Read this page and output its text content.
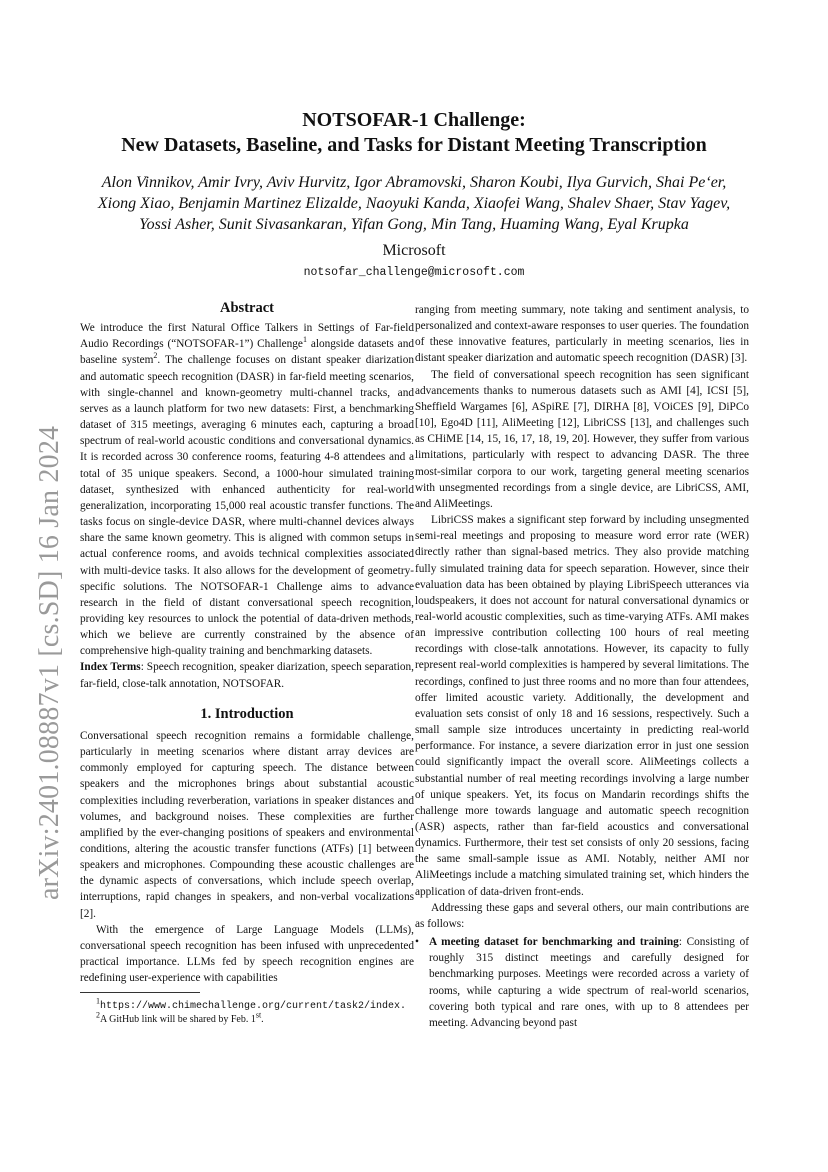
arXiv:2401.08887v1 [cs.SD] 16 Jan 2024
NOTSOFAR-1 Challenge:
New Datasets, Baseline, and Tasks for Distant Meeting Transcription
Alon Vinnikov, Amir Ivry, Aviv Hurvitz, Igor Abramovski, Sharon Koubi, Ilya Gurvich, Shai Pe‘er,
Xiong Xiao, Benjamin Martinez Elizalde, Naoyuki Kanda, Xiaofei Wang, Shalev Shaer, Stav Yagev,
Yossi Asher, Sunit Sivasankaran, Yifan Gong, Min Tang, Huaming Wang, Eyal Krupka
Microsoft
notsofar_challenge@microsoft.com
Abstract

We introduce the first Natural Office Talkers in Settings of Far-field Audio Recordings (“NOTSOFAR-1”) Challenge$^1$ alongside datasets and baseline system$^2$. The challenge focuses on distant speaker diarization and automatic speech recognition (DASR) in far-field meeting scenarios, with single-channel and known-geometry multi-channel tracks, and serves as a launch platform for two new datasets: First, a benchmarking dataset of 315 meetings, averaging 6 minutes each, capturing a broad spectrum of real-world acoustic conditions and conversational dynamics. It is recorded across 30 conference rooms, featuring 4-8 attendees and a total of 35 unique speakers. Second, a 1000-hour simulated training dataset, synthesized with enhanced authenticity for real-world generalization, incorporating 15,000 real acoustic transfer functions. The tasks focus on single-device DASR, where multi-channel devices always share the same known geometry. This is aligned with common setups in actual conference rooms, and avoids technical complexities associated with multi-device tasks. It also allows for the development of geometry-specific solutions. The NOTSOFAR-1 Challenge aims to advance research in the field of distant conversational speech recognition, providing key resources to unlock the potential of data-driven methods, which we believe are currently constrained by the absence of comprehensive high-quality training and benchmarking datasets.

Index Terms: Speech recognition, speaker diarization, speech separation, far-field, close-talk annotation, NOTSOFAR.

1. Introduction

Conversational speech recognition remains a formidable challenge, particularly in meeting scenarios where distant array devices are commonly employed for capturing speech. The distance between speakers and the microphones brings about substantial acoustic complexities including reverberation, variations in speaker distances and volumes, and background noises. These complexities are further amplified by the ever-changing positions of speakers and environmental conditions, altering the acoustic transfer functions (ATFs) [1] between speakers and microphones. Compounding these acoustic challenges are the dynamic aspects of conversations, which include speech overlap, interruptions, rapid changes in speakers, and non-verbal vocalizations [2].

With the emergence of Large Language Models (LLMs), conversational speech recognition has been infused with unprecedented practical importance. LLMs fed by speech recognition engines are redefining user-experience with capabilities

$^1$https://www.chimechallenge.org/current/task2/index.
$^2$A GitHub link will be shared by Feb. 1st.

ranging from meeting summary, note taking and sentiment analysis, to personalized and context-aware responses to user queries. The foundation of these innovative features, particularly in meeting scenarios, lies in distant speaker diarization and automatic speech recognition (DASR) [3].

The field of conversational speech recognition has seen significant advancements thanks to numerous datasets such as AMI [4], ICSI [5], Sheffield Wargames [6], ASpiRE [7], DIRHA [8], VOiCES [9], DiPCo [10], Ego4D [11], AliMeeting [12], LibriCSS [13], and challenges such as CHiME [14, 15, 16, 17, 18, 19, 20]. However, they suffer from various limitations, particularly with respect to advancing DASR. The three most-similar corpora to our work, targeting general meeting scenarios with unsegmented recordings from a single device, are LibriCSS, AMI, and AliMeetings.

LibriCSS makes a significant step forward by including unsegmented semi-real meetings and proposing to measure word error rate (WER) directly rather than signal-based metrics. They also provide matching fully simulated training data for speech separation. However, since their evaluation data has been obtained by playing LibriSpeech utterances via loudspeakers, it does not account for natural conversational dynamics or real-world acoustic complexities, such as time-varying ATFs. AMI makes an impressive contribution collecting 100 hours of real meeting recordings with close-talk annotations. However, its capacity to fully represent real-world complexities is hampered by several limitations. The recordings, confined to just three rooms and no more than four attendees, offer limited acoustic variety. Additionally, the development and evaluation sets consist of only 18 and 16 sessions, respectively. Such a small sample size introduces uncertainty in predicting real-world performance. For instance, a severe diarization error in just one session could significantly impact the overall score. AliMeetings collects a substantial number of real meeting recordings involving a large number of unique speakers. Yet, its focus on Mandarin recordings shifts the challenge more towards language and automatic speech recognition (ASR) aspects, rather than far-field acoustics and conversational dynamics. Furthermore, their test set consists of only 20 sessions, facing the same small-sample issue as AMI. Notably, neither AMI nor AliMeetings include a matching simulated training set, which hinders the application of data-driven front-ends.

Addressing these gaps and several others, our main contributions are as follows:

• A meeting dataset for benchmarking and training: Consisting of roughly 315 distinct meetings and carefully designed for benchmarking purposes. Meetings were recorded across a variety of rooms, while capturing a wide spectrum of real-world scenarios, covering both typical and rare ones, with up to 8 attendees per meeting. Advancing beyond past
